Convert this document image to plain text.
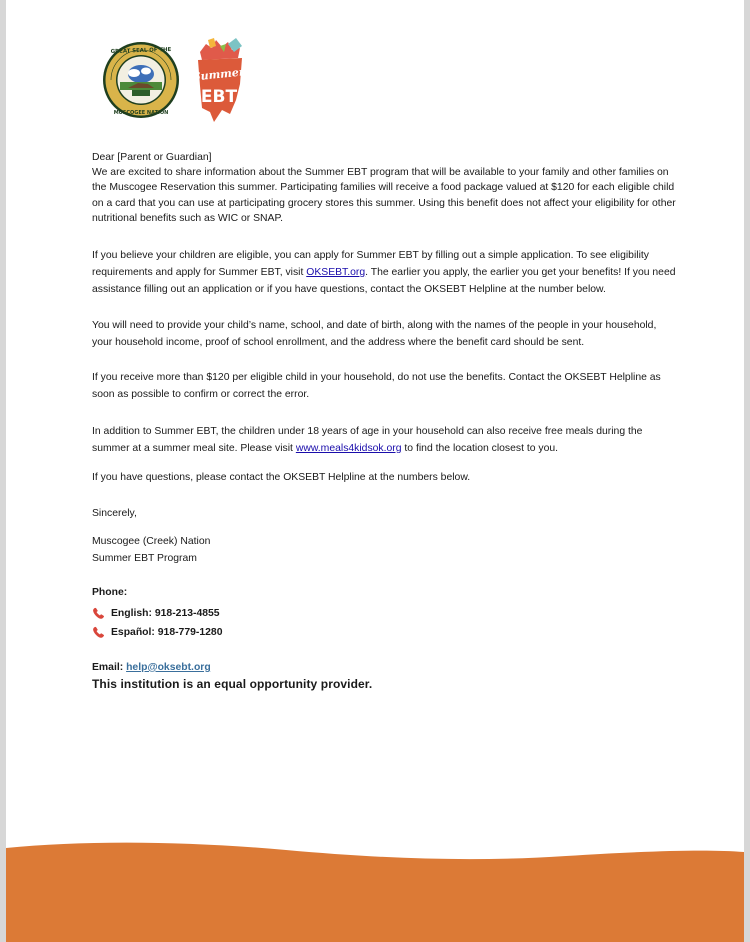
GREAT SEAL OF THE
MUSCOGEE NATION
Summer
EBT

Dear [Parent or Guardian]

We are excited to share information about the Summer EBT program that will be available to your family and other families on the Muscogee Reservation this summer. Participating families will receive a food package valued at $120 for each eligible child on a card that you can use at participating grocery stores this summer. Using this benefit does not affect your eligibility for other nutritional benefits such as WIC or SNAP.

If you believe your children are eligible, you can apply for Summer EBT by filling out a simple application. To see eligibility requirements and apply for Summer EBT, visit OKSEBT.org. The earlier you apply, the earlier you get your benefits! If you need assistance filling out an application or if you have questions, contact the OKSEBT Helpline at the number below.

You will need to provide your child’s name, school, and date of birth, along with the names of the people in your household, your household income, proof of school enrollment, and the address where the benefit card should be sent.

If you receive more than $120 per eligible child in your household, do not use the benefits. Contact the OKSEBT Helpline as soon as possible to confirm or correct the error.

In addition to Summer EBT, the children under 18 years of age in your household can also receive free meals during the summer at a summer meal site. Please visit www.meals4kidsok.org to find the location closest to you.

If you have questions, please contact the OKSEBT Helpline at the numbers below.

Sincerely,

Muscogee (Creek) Nation

Summer EBT Program

Phone:
English: 918-213-4855
Español: 918-779-1280
Email: help@oksebt.org
This institution is an equal opportunity provider.
